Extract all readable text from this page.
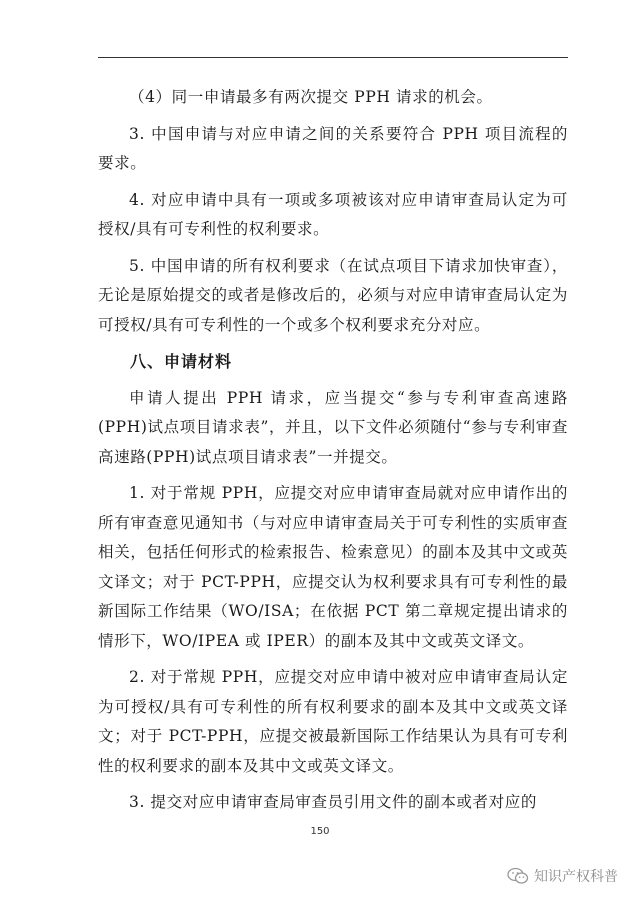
（4）同一申请最多有两次提交 PPH 请求的机会。

3. 中国申请与对应申请之间的关系要符合 PPH 项目流程的要求。

4. 对应申请中具有一项或多项被该对应申请审查局认定为可授权/具有可专利性的权利要求。

5. 中国申请的所有权利要求（在试点项目下请求加快审查），无论是原始提交的或者是修改后的，必须与对应申请审查局认定为可授权/具有可专利性的一个或多个权利要求充分对应。

八、申请材料

申请人提出 PPH 请求，应当提交“参与专利审查高速路(PPH)试点项目请求表”，并且，以下文件必须随付“参与专利审查高速路(PPH)试点项目请求表”一并提交。

1. 对于常规 PPH，应提交对应申请审查局就对应申请作出的所有审查意见通知书（与对应申请审查局关于可专利性的实质审查相关，包括任何形式的检索报告、检索意见）的副本及其中文或英文译文；对于 PCT-PPH，应提交认为权利要求具有可专利性的最新国际工作结果（WO/ISA；在依据 PCT 第二章规定提出请求的情形下，WO/IPEA 或 IPER）的副本及其中文或英文译文。

2. 对于常规 PPH，应提交对应申请中被对应申请审查局认定为可授权/具有可专利性的所有权利要求的副本及其中文或英文译文；对于 PCT-PPH，应提交被最新国际工作结果认为具有可专利性的权利要求的副本及其中文或英文译文。

3. 提交对应申请审查局审查员引用文件的副本或者对应的

150
知识产权科普
